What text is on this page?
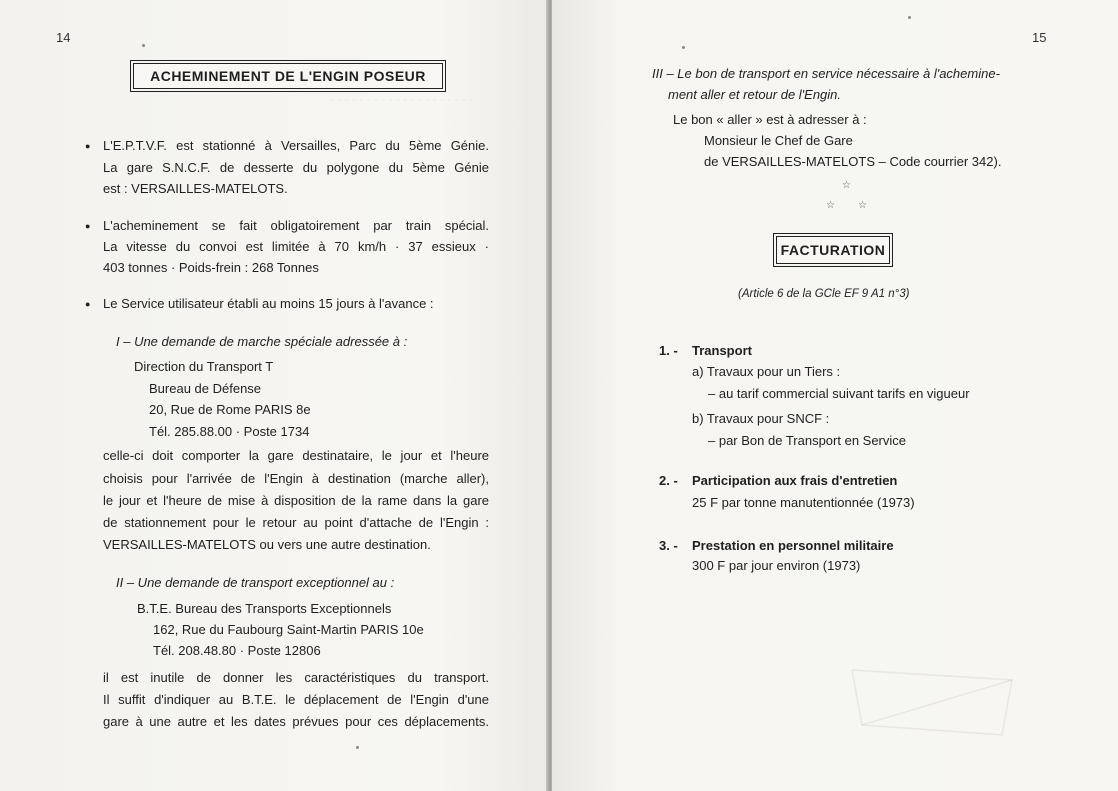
- - - - - - - - - - - - - - - - - - - -
14
ACHEMINEMENT DE L'ENGIN POSEUR
● L'E.P.T.V.F. est stationné à Versailles, Parc du 5ème Génie.
La gare S.N.C.F. de desserte du polygone du 5ème Génie
est : VERSAILLES-MATELOTS.
● L'acheminement se fait obligatoirement par train spécial.
La vitesse du convoi est limitée à 70 km/h · 37 essieux ·
403 tonnes · Poids-frein : 268 Tonnes
● Le Service utilisateur établi au moins 15 jours à l'avance :
I – Une demande de marche spéciale adressée à :
Direction du Transport T
Bureau de Défense
20, Rue de Rome PARIS 8e
Tél. 285.88.00 · Poste 1734
celle-ci doit comporter la gare destinataire, le jour et l'heure
choisis pour l'arrivée de l'Engin à destination (marche aller),
le jour et l'heure de mise à disposition de la rame dans la gare
de stationnement pour le retour au point d'attache de l'Engin :
VERSAILLES-MATELOTS ou vers une autre destination.
II – Une demande de transport exceptionnel au :
B.T.E. Bureau des Transports Exceptionnels
162, Rue du Faubourg Saint-Martin PARIS 10e
Tél. 208.48.80 · Poste 12806
il est inutile de donner les caractéristiques du transport.
Il suffit d'indiquer au B.T.E. le déplacement de l'Engin d'une
gare à une autre et les dates prévues pour ces déplacements.
15
III – Le bon de transport en service nécessaire à l'achemine-
ment aller et retour de l'Engin.
Le bon « aller » est à adresser à :
Monsieur le Chef de Gare
de VERSAILLES-MATELOTS – Code courrier 342).
☆
☆ ☆
FACTURATION
(Article 6 de la GCle EF 9 A1 n°3)
1. - Transport
a) Travaux pour un Tiers :
– au tarif commercial suivant tarifs en vigueur
b) Travaux pour SNCF :
– par Bon de Transport en Service
2. - Participation aux frais d'entretien
25 F par tonne manutentionnée (1973)
3. - Prestation en personnel militaire
300 F par jour environ (1973)
